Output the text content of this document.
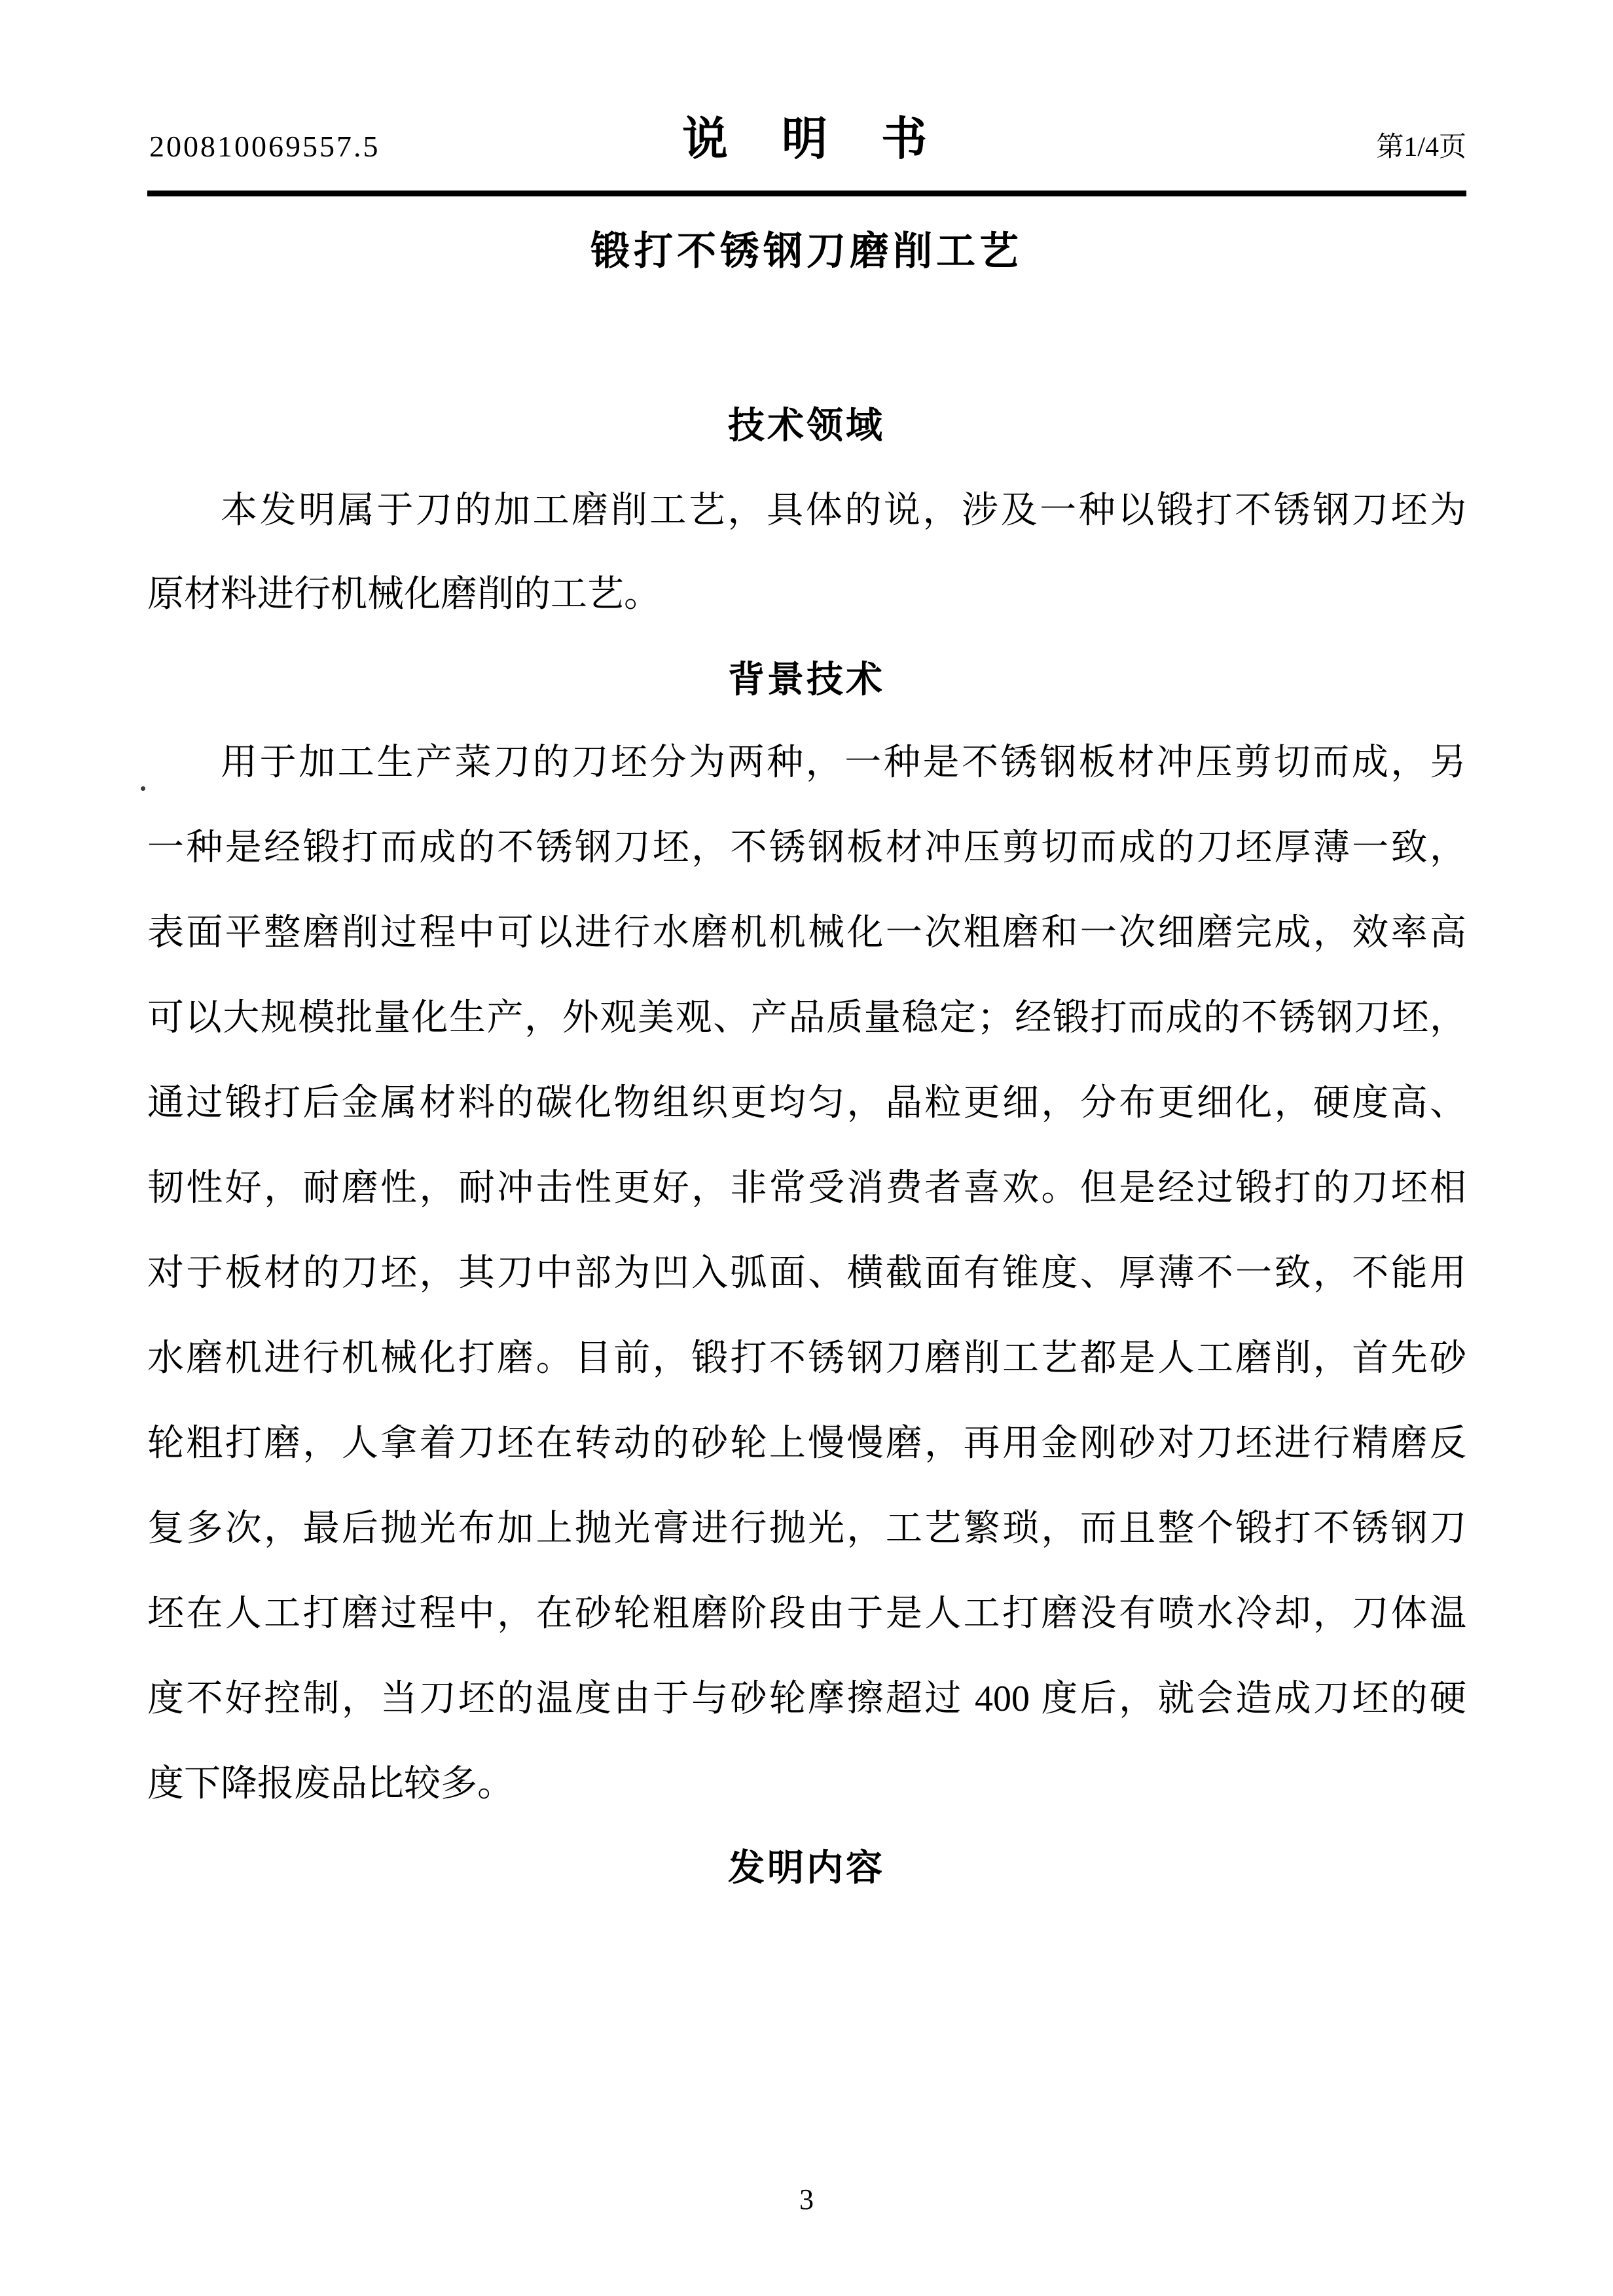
200810069557.5	说　明　书	第1/4页
锻打不锈钢刀磨削工艺
技术领域
本发明属于刀的加工磨削工艺，具体的说，涉及一种以锻打不锈钢刀坯为
原材料进行机械化磨削的工艺。
背景技术
用于加工生产菜刀的刀坯分为两种，一种是不锈钢板材冲压剪切而成，另
一种是经锻打而成的不锈钢刀坯，不锈钢板材冲压剪切而成的刀坯厚薄一致，
表面平整磨削过程中可以进行水磨机机械化一次粗磨和一次细磨完成，效率高
可以大规模批量化生产，外观美观、产品质量稳定；经锻打而成的不锈钢刀坯，
通过锻打后金属材料的碳化物组织更均匀，晶粒更细，分布更细化，硬度高、
韧性好，耐磨性，耐冲击性更好，非常受消费者喜欢。但是经过锻打的刀坯相
对于板材的刀坯，其刀中部为凹入弧面、横截面有锥度、厚薄不一致，不能用
水磨机进行机械化打磨。目前，锻打不锈钢刀磨削工艺都是人工磨削，首先砂
轮粗打磨，人拿着刀坯在转动的砂轮上慢慢磨，再用金刚砂对刀坯进行精磨反
复多次，最后抛光布加上抛光膏进行抛光，工艺繁琐，而且整个锻打不锈钢刀
坯在人工打磨过程中，在砂轮粗磨阶段由于是人工打磨没有喷水冷却，刀体温
度不好控制，当刀坯的温度由于与砂轮摩擦超过 400 度后，就会造成刀坯的硬
度下降报废品比较多。
发明内容
3
